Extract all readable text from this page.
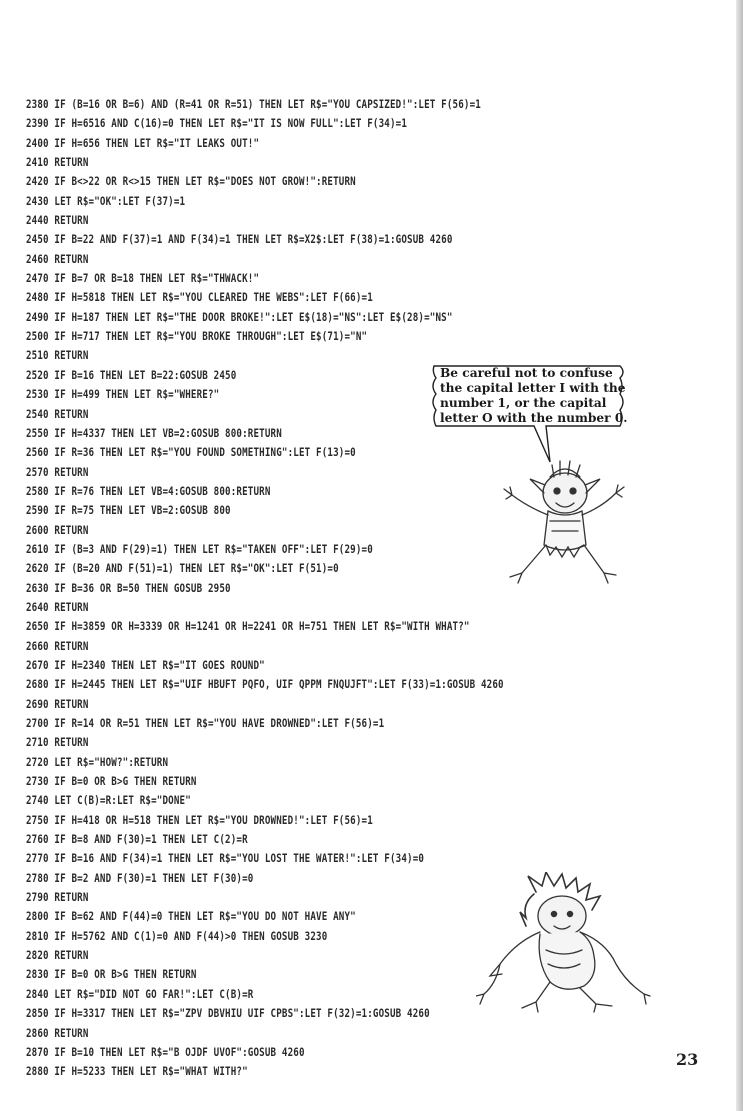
2380 IF (B=16 OR B=6) AND (R=41 OR R=51) THEN LET R$="YOU CAPSIZED!":LET F(56)=1
2390 IF H=6516 AND C(16)=0 THEN LET R$="IT IS NOW FULL":LET F(34)=1
2400 IF H=656 THEN LET R$="IT LEAKS OUT!"
2410 RETURN
2420 IF B<>22 OR R<>15 THEN LET R$="DOES NOT GROW!":RETURN
2430 LET R$="OK":LET F(37)=1
2440 RETURN
2450 IF B=22 AND F(37)=1 AND F(34)=1 THEN LET R$=X2$:LET F(38)=1:GOSUB 4260
2460 RETURN
2470 IF B=7 OR B=18 THEN LET R$="THWACK!"
2480 IF H=5818 THEN LET R$="YOU CLEARED THE WEBS":LET F(66)=1
2490 IF H=187 THEN LET R$="THE DOOR BROKE!":LET E$(18)="NS":LET E$(28)="NS"
2500 IF H=717 THEN LET R$="YOU BROKE THROUGH":LET E$(71)="N"
2510 RETURN
2520 IF B=16 THEN LET B=22:GOSUB 2450
2530 IF H=499 THEN LET R$="WHERE?"
2540 RETURN
2550 IF H=4337 THEN LET VB=2:GOSUB 800:RETURN
2560 IF R=36 THEN LET R$="YOU FOUND SOMETHING":LET F(13)=0
2570 RETURN
2580 IF R=76 THEN LET VB=4:GOSUB 800:RETURN
2590 IF R=75 THEN LET VB=2:GOSUB 800
2600 RETURN
2610 IF (B=3 AND F(29)=1) THEN LET R$="TAKEN OFF":LET F(29)=0
2620 IF (B=20 AND F(51)=1) THEN LET R$="OK":LET F(51)=0
2630 IF B=36 OR B=50 THEN GOSUB 2950
2640 RETURN
2650 IF H=3859 OR H=3339 OR H=1241 OR H=2241 OR H=751 THEN LET R$="WITH WHAT?"
2660 RETURN
2670 IF H=2340 THEN LET R$="IT GOES ROUND"
2680 IF H=2445 THEN LET R$="UIF HBUFT PQFO, UIF QPPM FNQUJFT":LET F(33)=1:GOSUB 4260
2690 RETURN
2700 IF R=14 OR R=51 THEN LET R$="YOU HAVE DROWNED":LET F(56)=1
2710 RETURN
2720 LET R$="HOW?":RETURN
2730 IF B=0 OR B>G THEN RETURN
2740 LET C(B)=R:LET R$="DONE"
2750 IF H=418 OR H=518 THEN LET R$="YOU DROWNED!":LET F(56)=1
2760 IF B=8 AND F(30)=1 THEN LET C(2)=R
2770 IF B=16 AND F(34)=1 THEN LET R$="YOU LOST THE WATER!":LET F(34)=0
2780 IF B=2 AND F(30)=1 THEN LET F(30)=0
2790 RETURN
2800 IF B=62 AND F(44)=0 THEN LET R$="YOU DO NOT HAVE ANY"
2810 IF H=5762 AND C(1)=0 AND F(44)>0 THEN GOSUB 3230
2820 RETURN
2830 IF B=0 OR B>G THEN RETURN
2840 LET R$="DID NOT GO FAR!":LET C(B)=R
2850 IF H=3317 THEN LET R$="ZPV DBVHIU UIF CPBS":LET F(32)=1:GOSUB 4260
2860 RETURN
2870 IF B=10 THEN LET R$="B OJDF UVOF":GOSUB 4260
2880 IF H=5233 THEN LET R$="WHAT WITH?"
Be careful not to confuse the capital letter I with the number 1, or the capital letter O with the number 0.
23
